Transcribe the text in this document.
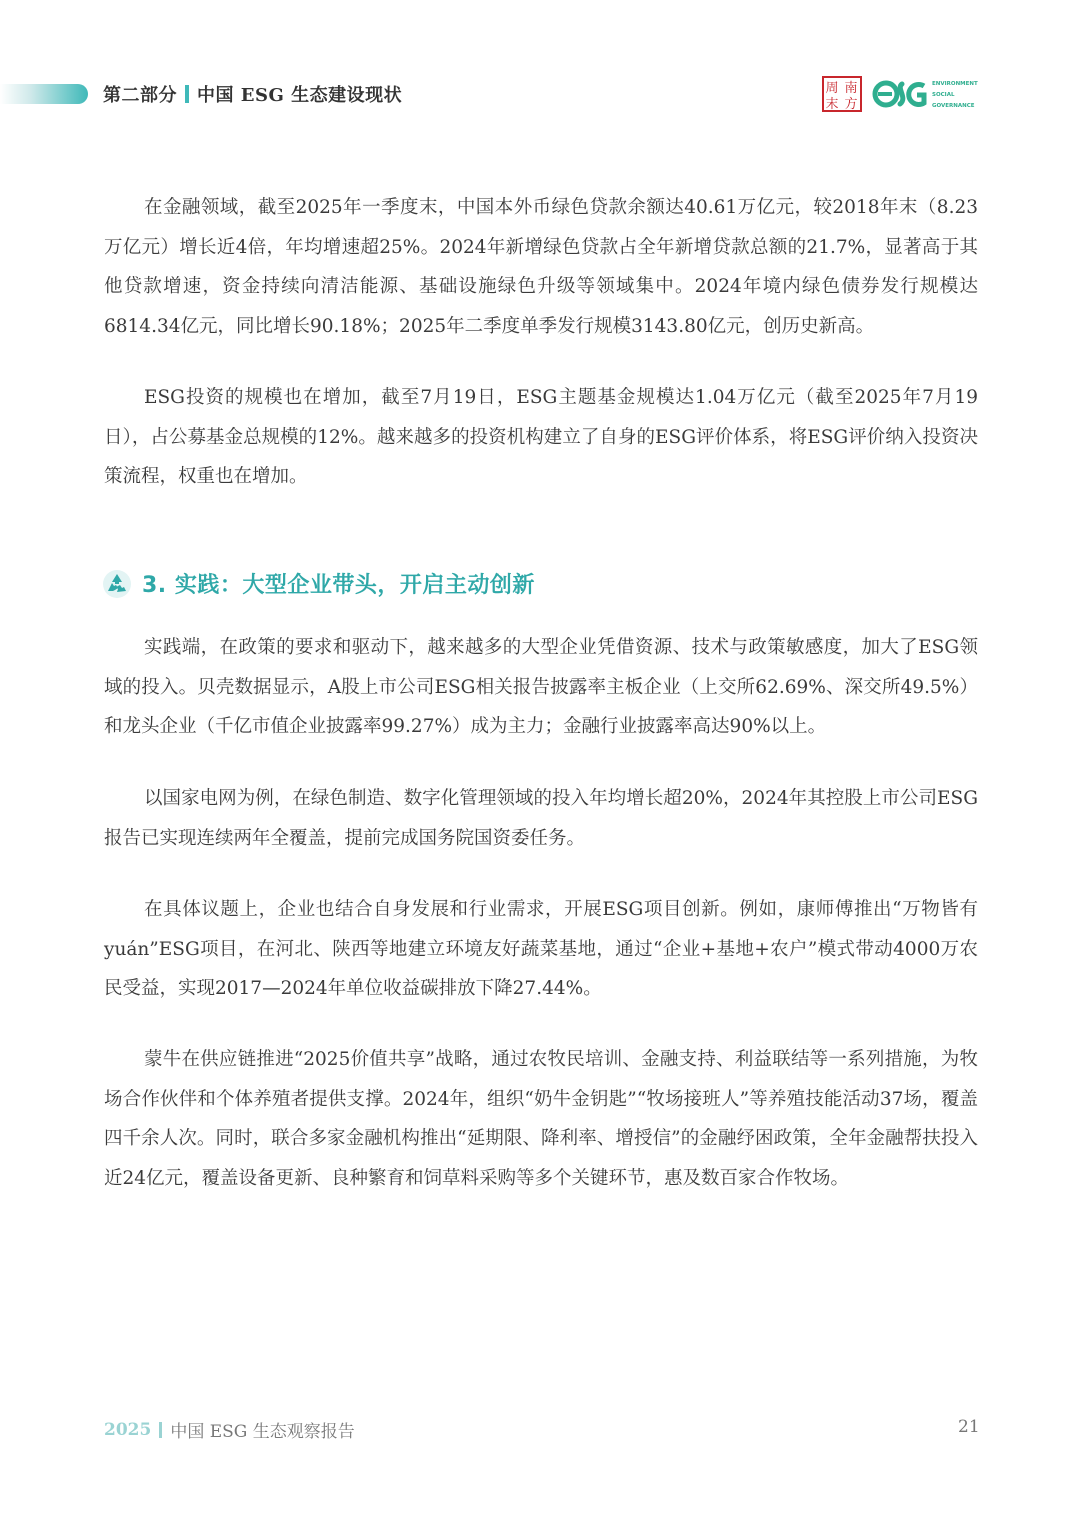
第二部分 中国 ESG 生态建设现状	周 南
末 方
ENVIRONMENT
SOCIAL
GOVERNANCE

在金融领域，截至2025年一季度末，中国本外币绿色贷款余额达40.61万亿元，较2018年末（8.23万亿元）增长近4倍，年均增速超25%。2024年新增绿色贷款占全年新增贷款总额的21.7%，显著高于其他贷款增速，资金持续向清洁能源、基础设施绿色升级等领域集中。2024年境内绿色债券发行规模达6814.34亿元，同比增长90.18%；2025年二季度单季发行规模3143.80亿元，创历史新高。

ESG投资的规模也在增加，截至7月19日，ESG主题基金规模达1.04万亿元（截至2025年7月19日），占公募基金总规模的12%。越来越多的投资机构建立了自身的ESG评价体系，将ESG评价纳入投资决策流程，权重也在增加。

3. 实践：大型企业带头，开启主动创新

实践端，在政策的要求和驱动下，越来越多的大型企业凭借资源、技术与政策敏感度，加大了ESG领域的投入。贝壳数据显示，A股上市公司ESG相关报告披露率主板企业（上交所62.69%、深交所49.5%）和龙头企业（千亿市值企业披露率99.27%）成为主力；金融行业披露率高达90%以上。

以国家电网为例，在绿色制造、数字化管理领域的投入年均增长超20%，2024年其控股上市公司ESG报告已实现连续两年全覆盖，提前完成国务院国资委任务。

在具体议题上，企业也结合自身发展和行业需求，开展ESG项目创新。例如，康师傅推出“万物皆有yuán”ESG项目，在河北、陕西等地建立环境友好蔬菜基地，通过“企业+基地+农户”模式带动4000万农民受益，实现2017—2024年单位收益碳排放下降27.44%。

蒙牛在供应链推进“2025价值共享”战略，通过农牧民培训、金融支持、利益联结等一系列措施，为牧场合作伙伴和个体养殖者提供支撑。2024年，组织“奶牛金钥匙”“牧场接班人”等养殖技能活动37场，覆盖四千余人次。同时，联合多家金融机构推出“延期限、降利率、增授信”的金融纾困政策，全年金融帮扶投入近24亿元，覆盖设备更新、良种繁育和饲草料采购等多个关键环节，惠及数百家合作牧场。

2025 中国 ESG 生态观察报告	21
